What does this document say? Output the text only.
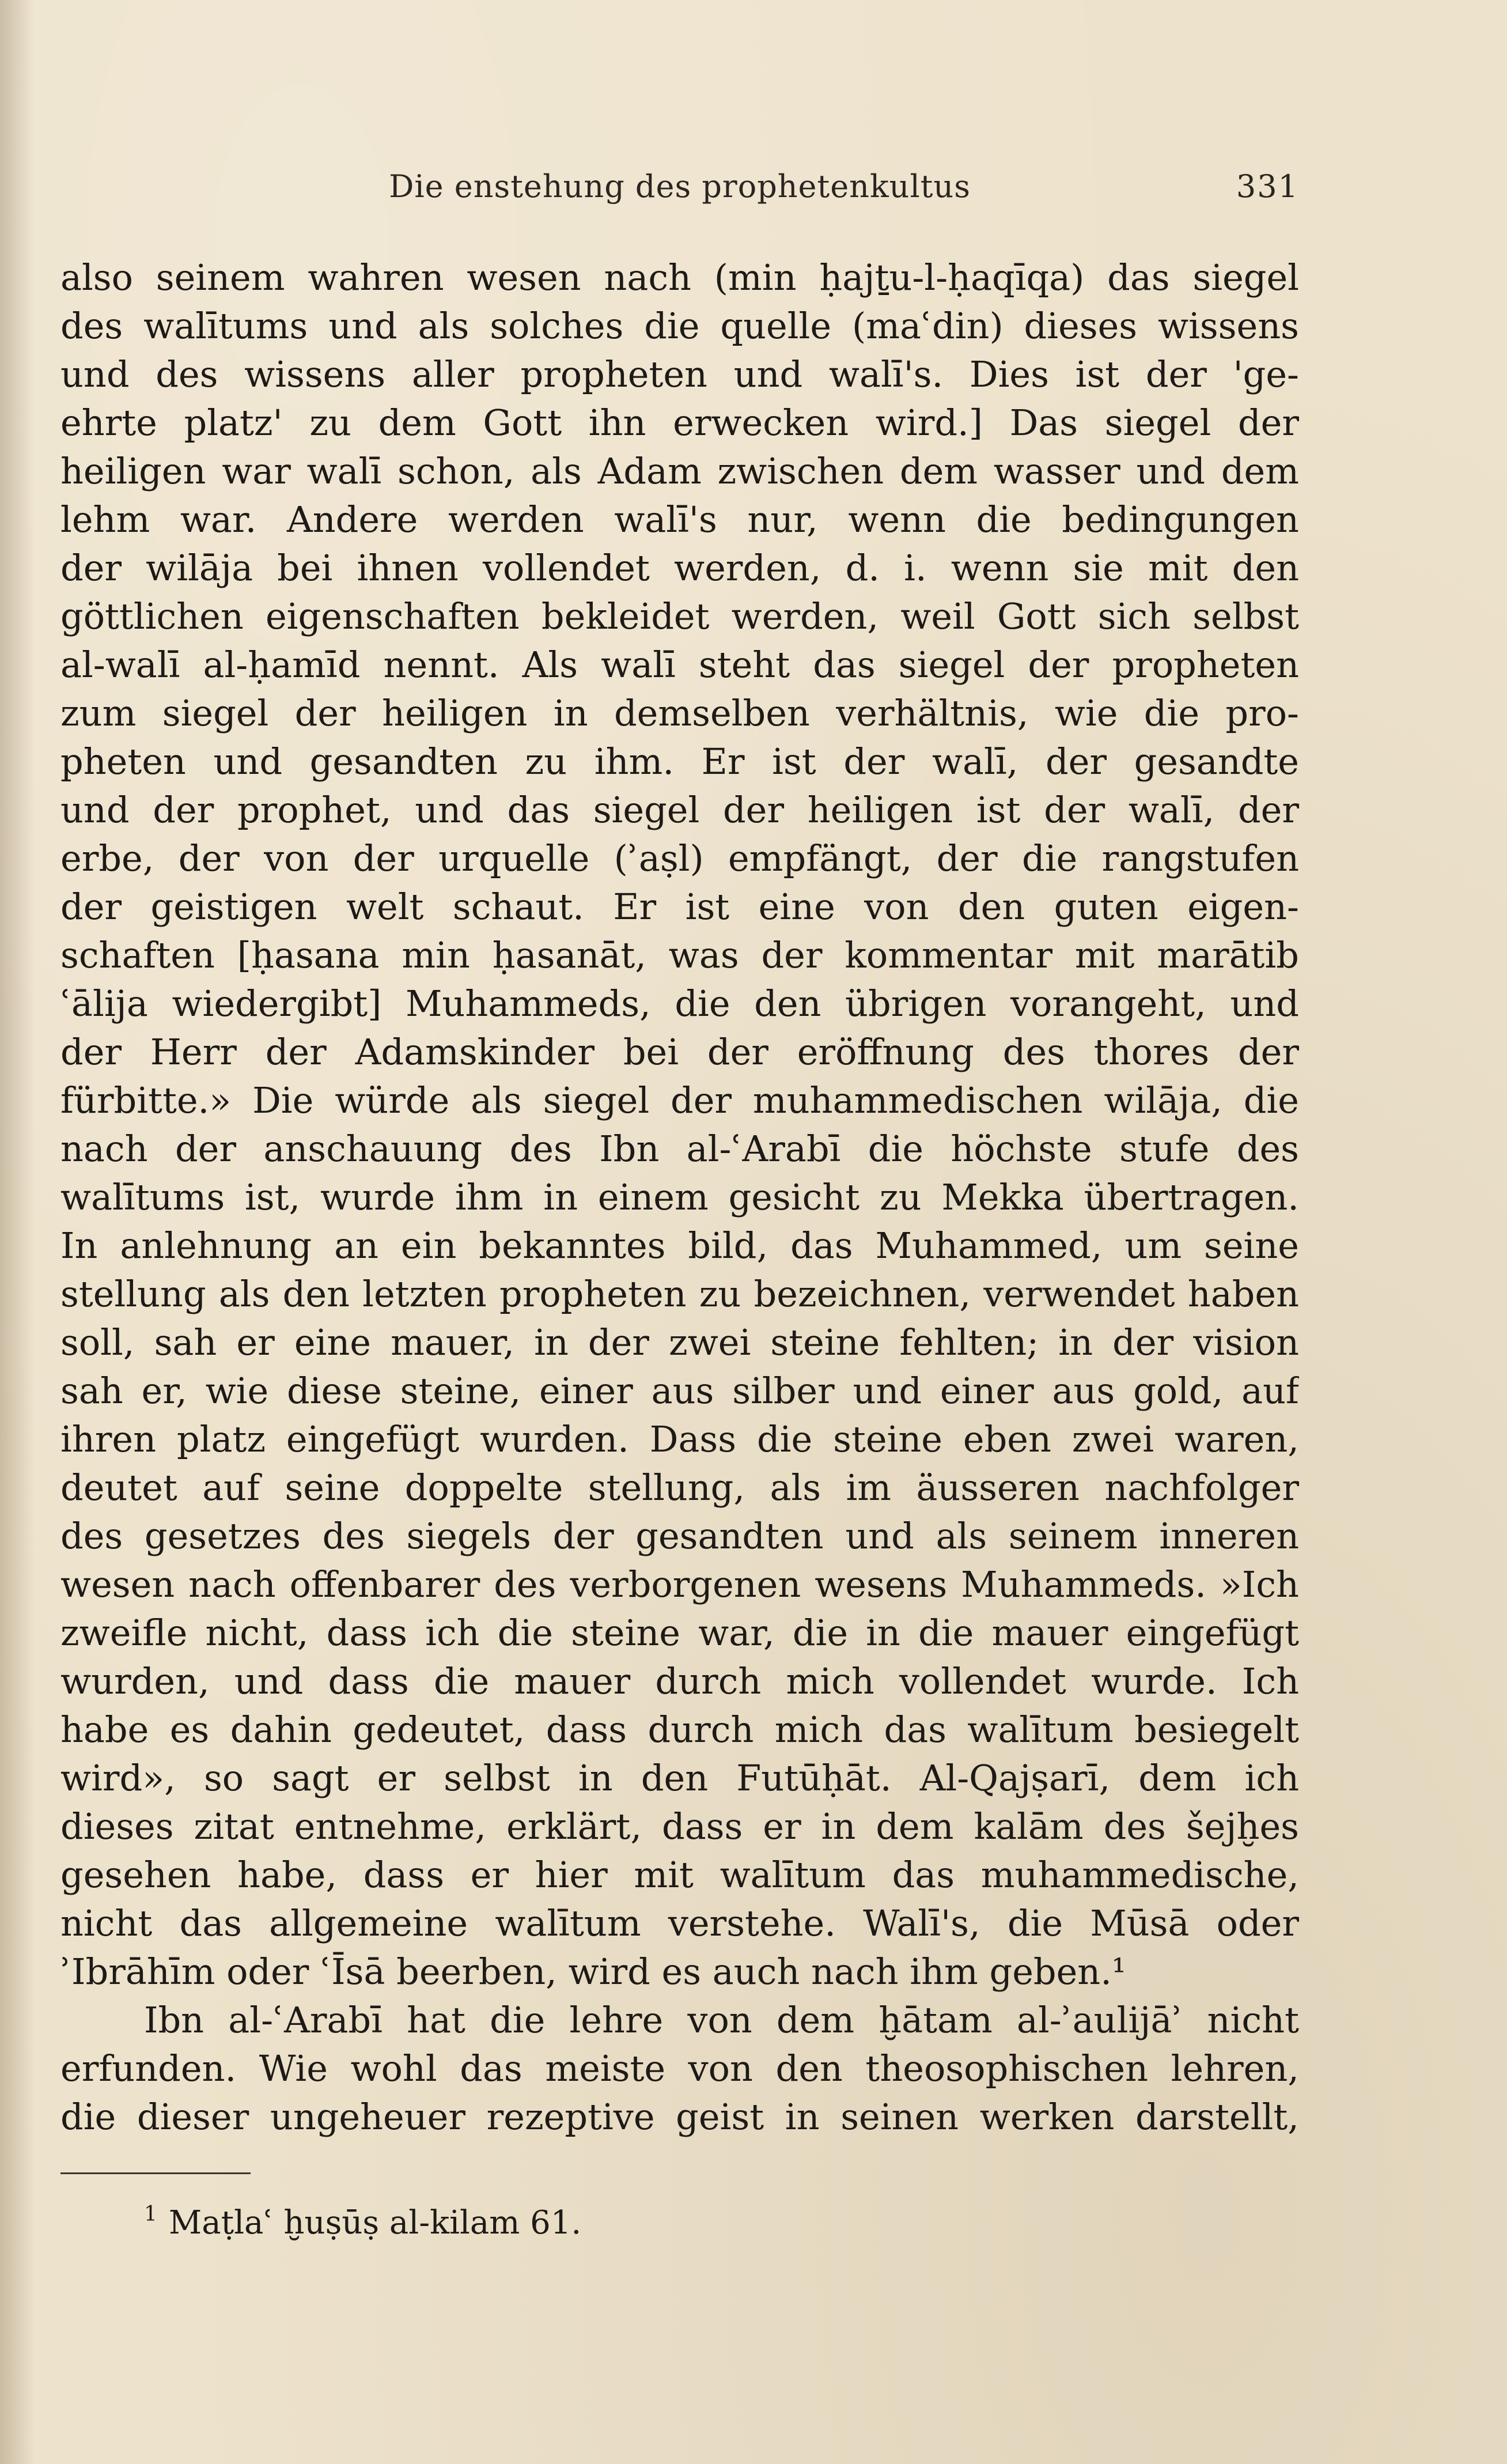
Die enstehung des prophetenkultus	331
also seinem wahren wesen nach (min ḥajṯu-l-ḥaqīqa) das siegel
des walītums und als solches die quelle (maʿdin) dieses wissens
und des wissens aller propheten und walī's. Dies ist der 'ge-
ehrte platz' zu dem Gott ihn erwecken wird.] Das siegel der
heiligen war walī schon, als Adam zwischen dem wasser und dem
lehm war. Andere werden walī's nur, wenn die bedingungen
der wilāja bei ihnen vollendet werden, d. i. wenn sie mit den
göttlichen eigenschaften bekleidet werden, weil Gott sich selbst
al-walī al-ḥamīd nennt. Als walī steht das siegel der propheten
zum siegel der heiligen in demselben verhältnis, wie die pro-
pheten und gesandten zu ihm. Er ist der walī, der gesandte
und der prophet, und das siegel der heiligen ist der walī, der
erbe, der von der urquelle (ʾaṣl) empfängt, der die rangstufen
der geistigen welt schaut. Er ist eine von den guten eigen-
schaften [ḥasana min ḥasanāt, was der kommentar mit marātib
ʿālija wiedergibt] Muhammeds, die den übrigen vorangeht, und
der Herr der Adamskinder bei der eröffnung des thores der
fürbitte.» Die würde als siegel der muhammedischen wilāja, die
nach der anschauung des Ibn al-ʿArabī die höchste stufe des
walītums ist, wurde ihm in einem gesicht zu Mekka übertragen.
In anlehnung an ein bekanntes bild, das Muhammed, um seine
stellung als den letzten propheten zu bezeichnen, verwendet haben
soll, sah er eine mauer, in der zwei steine fehlten; in der vision
sah er, wie diese steine, einer aus silber und einer aus gold, auf
ihren platz eingefügt wurden. Dass die steine eben zwei waren,
deutet auf seine doppelte stellung, als im äusseren nachfolger
des gesetzes des siegels der gesandten und als seinem inneren
wesen nach offenbarer des verborgenen wesens Muhammeds. »Ich
zweifle nicht, dass ich die steine war, die in die mauer eingefügt
wurden, und dass die mauer durch mich vollendet wurde. Ich
habe es dahin gedeutet, dass durch mich das walītum besiegelt
wird», so sagt er selbst in den Futūḥāt. Al-Qajṣarī, dem ich
dieses zitat entnehme, erklärt, dass er in dem kalām des šejḫes
gesehen habe, dass er hier mit walītum das muhammedische,
nicht das allgemeine walītum verstehe. Walī's, die Mūsā oder
ʾIbrāhīm oder ʿĪsā beerben, wird es auch nach ihm geben.¹
Ibn al-ʿArabī hat die lehre von dem ḫātam al-ʾaulijāʾ nicht
erfunden. Wie wohl das meiste von den theosophischen lehren,
die dieser ungeheuer rezeptive geist in seinen werken darstellt,
$^1$ Maṭlaʿ ḫuṣūṣ al-kilam 61.
